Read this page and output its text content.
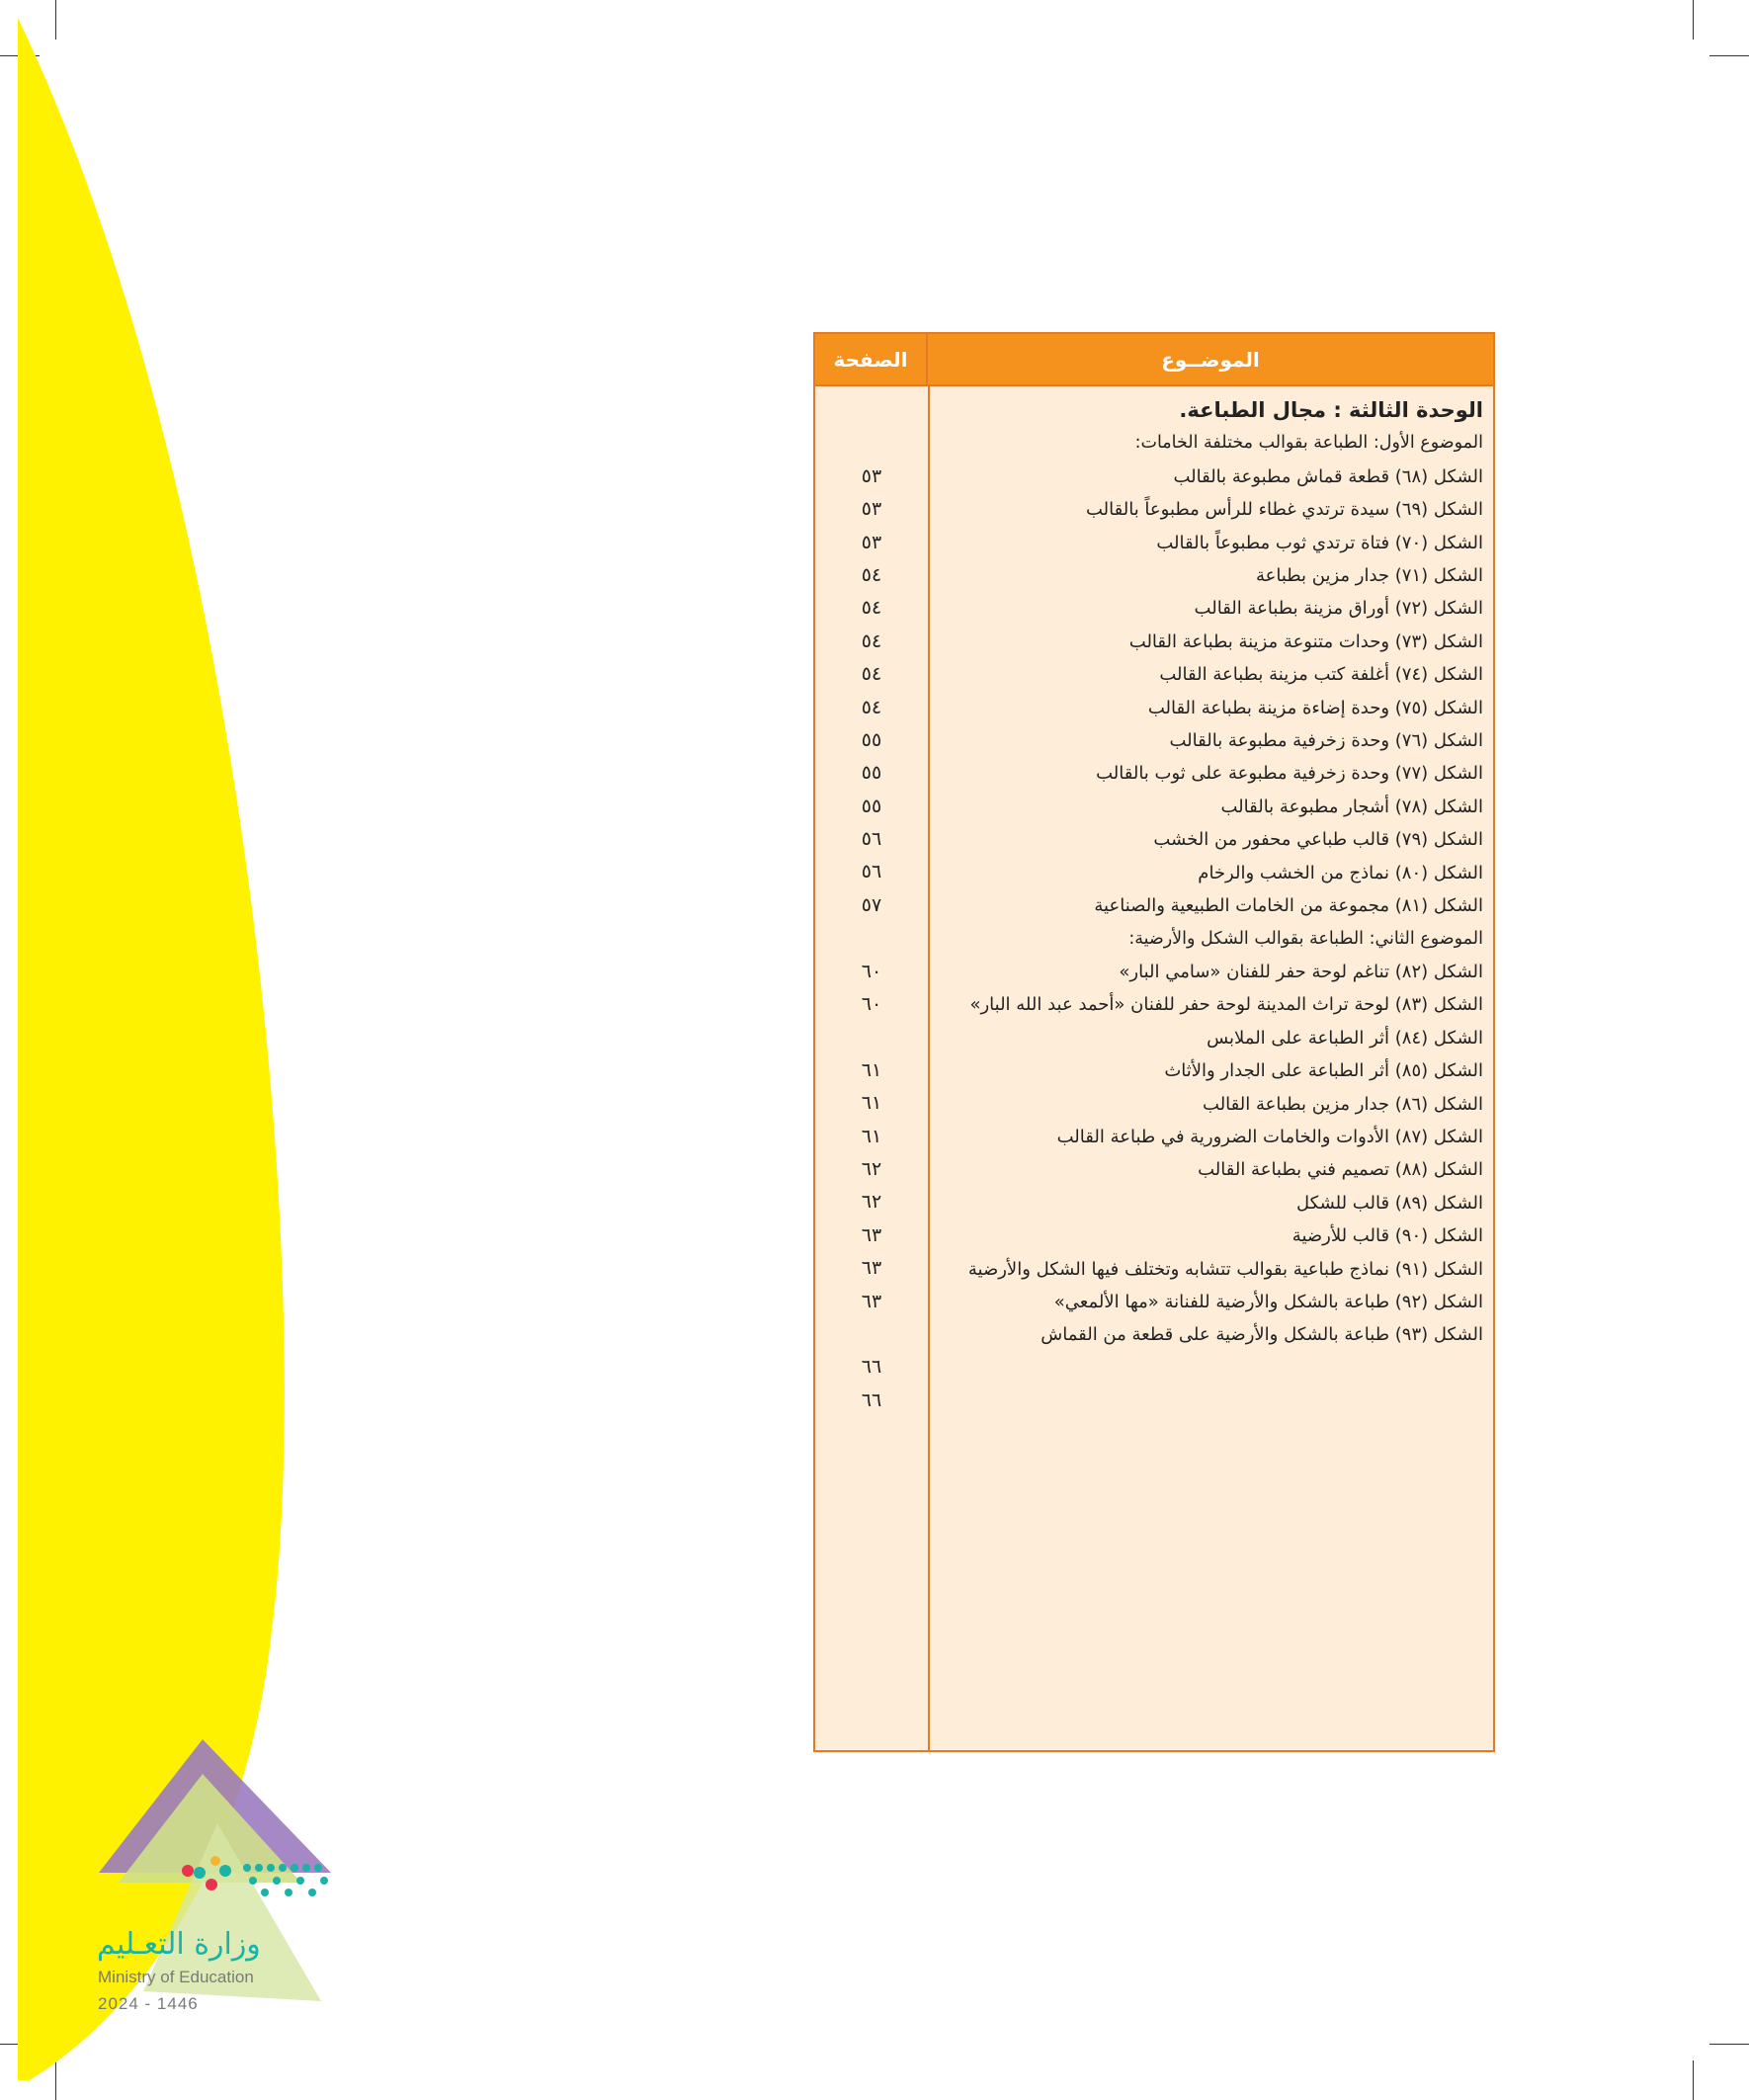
وزارة التعـليم
Ministry of Education
2024 - 1446
الموضــوع
الصفحة
الوحدة الثالثة : مجال الطباعة.
الموضوع الأول: الطباعة بقوالب مختلفة الخامات:
الشكل (٦٨) قطعة قماش مطبوعة بالقالب
الشكل (٦٩) سيدة ترتدي غطاء للرأس مطبوعاً بالقالب
الشكل (٧٠) فتاة ترتدي ثوب مطبوعاً بالقالب
الشكل (٧١) جدار مزين بطباعة
الشكل (٧٢) أوراق مزينة بطباعة القالب
الشكل (٧٣) وحدات متنوعة مزينة بطباعة القالب
الشكل (٧٤) أغلفة كتب مزينة بطباعة القالب
الشكل (٧٥) وحدة إضاءة مزينة بطباعة القالب
الشكل (٧٦) وحدة زخرفية مطبوعة بالقالب
الشكل (٧٧) وحدة زخرفية مطبوعة على ثوب بالقالب
الشكل (٧٨) أشجار مطبوعة بالقالب
الشكل (٧٩) قالب طباعي محفور من الخشب
الشكل (٨٠) نماذج من الخشب والرخام
الشكل (٨١) مجموعة من الخامات الطبيعية والصناعية
الموضوع الثاني: الطباعة بقوالب الشكل والأرضية:
الشكل (٨٢) تناغم لوحة حفر للفنان «سامي البار»
الشكل (٨٣) لوحة تراث المدينة لوحة حفر للفنان «أحمد عبد الله البار»
الشكل (٨٤) أثر الطباعة على الملابس
الشكل (٨٥) أثر الطباعة على الجدار والأثاث
الشكل (٨٦) جدار مزين بطباعة القالب
الشكل (٨٧) الأدوات والخامات الضرورية في طباعة القالب
الشكل (٨٨) تصميم فني بطباعة القالب
الشكل (٨٩) قالب للشكل
الشكل (٩٠) قالب للأرضية
الشكل (٩١) نماذج طباعية بقوالب تتشابه وتختلف فيها الشكل والأرضية
الشكل (٩٢) طباعة بالشكل والأرضية للفنانة «مها الألمعي»
الشكل (٩٣) طباعة بالشكل والأرضية على قطعة من القماش
٥٣
٥٣
٥٣
٥٤
٥٤
٥٤
٥٤
٥٤
٥٥
٥٥
٥٥
٥٦
٥٦
٥٧
٦٠
٦٠
٦١
٦١
٦١
٦٢
٦٢
٦٣
٦٣
٦٣
٦٦
٦٦
